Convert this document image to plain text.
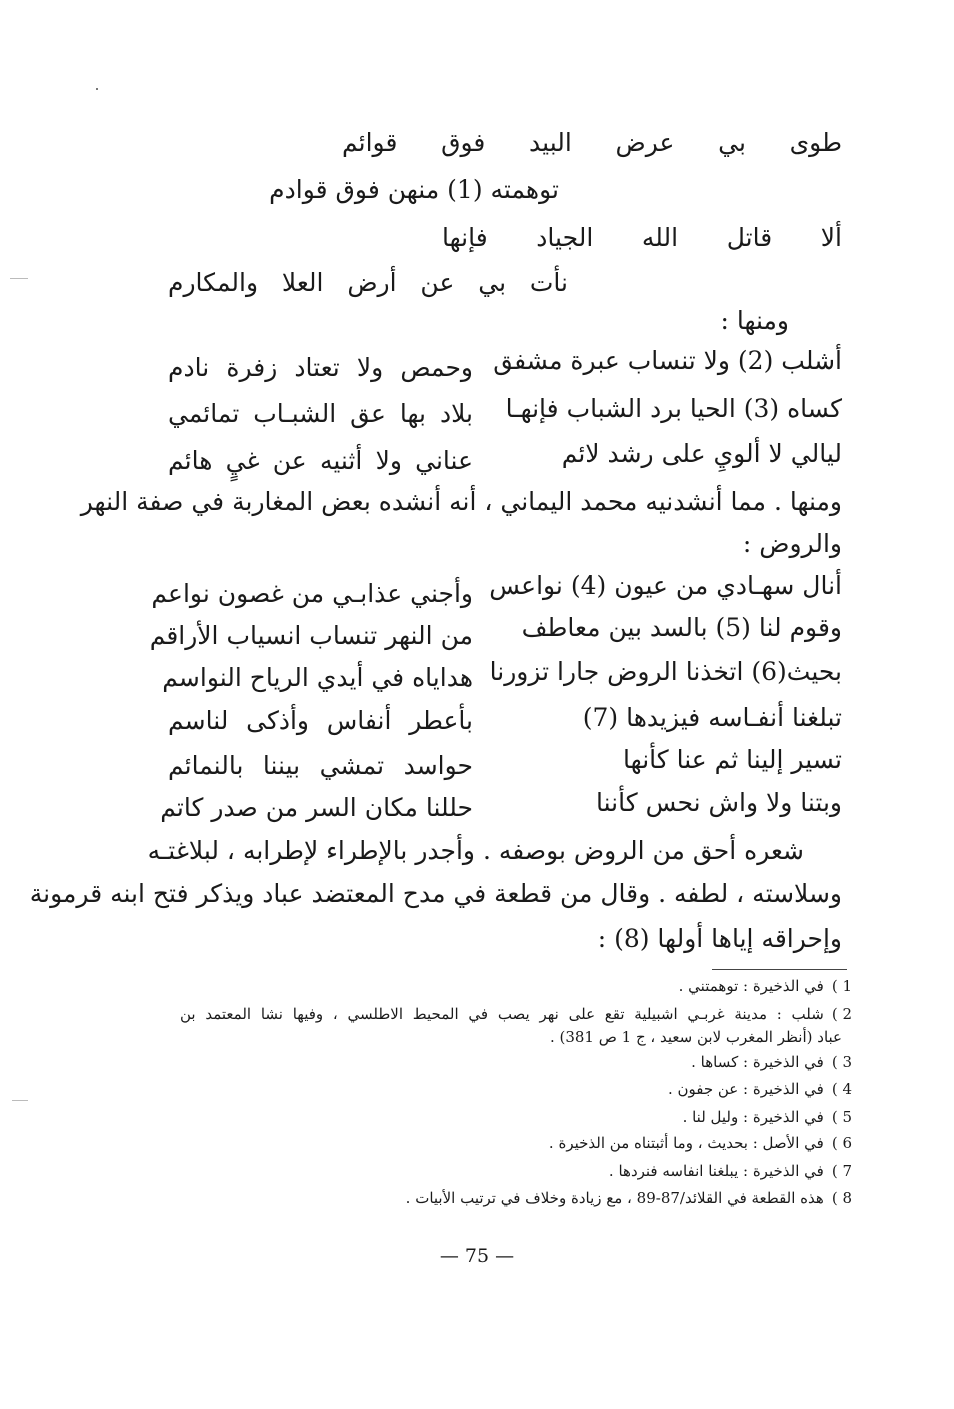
طوى بي عرض البيد فوق قوائم
توهمته (1) منهن فوق قوادم
ألا قاتل الله الجياد فإنها
نأت بي عن أرض العلا والمكارم
ومنها :
أشلب (2) ولا تنساب عبرة مشفق
وحمص ولا تعتاد زفرة نادم
كساه (3) الحيا برد الشباب فإنهـا
بلاد بها عق الشبـاب تمائمي
ليالي لا ألويِ على رشد لائم
عناني ولا أثنيه عن غيٍ هائم
ومنها . مما أنشدنيه محمد اليماني ، أنه أنشده بعض المغاربة في صفة النهر
والروض :
أنال سهـادي من عيون (4) نواعس
وأجني عذابـي من غصون نواعم
وقوم لنا (5) بالسد بين معاطف
من النهر تنساب انسياب الأراقم
بحيث(6) اتخذنا الروض جارا تزورنا
هداياه في أيدي الرياح النواسم
تبلغنا أنفـاسه فيزيدها (7)
بأعطر أنفاس وأذكى لناسم
تسير إلينا ثم عنا كأنها
حواسد تمشي بيننا بالنمائم
وبتنا ولا واش نحس كأننا
حللنا مكان السر من صدر كاتم
شعره أحق من الروض بوصفه . وأجدر بالإطراء لإطرابه ، لبلاغتـه
وسلاسته ، لطفه . وقال من قطعة في مدح المعتضد عباد ويذكر فتح ابنه قرمونة
وإحراقه إياها أولها (8) :
1 )في الذخيرة : توهمتني .
2 )شلب : مدينة غربـي اشبيلية تقع على نهر يصب في المحيط الاطلسي ، وفيها نشا المعتمد بن
عباد (أنظر المغرب لابن سعيد ، ج 1 ص 381) .
3 )في الذخيرة : كساها .
4 )في الذخيرة : عن جفون .
5 )في الذخيرة : وليل لنا .
6 )في الأصل : بحديث ، وما أثبتناه من الذخيرة .
7 )في الذخيرة : يبلغنا انفاسه فنردها .
8 )هذه القطعة في القلائد/87-89 ، مع زيادة وخلاف في ترتيب الأبيات .
— 75 —
